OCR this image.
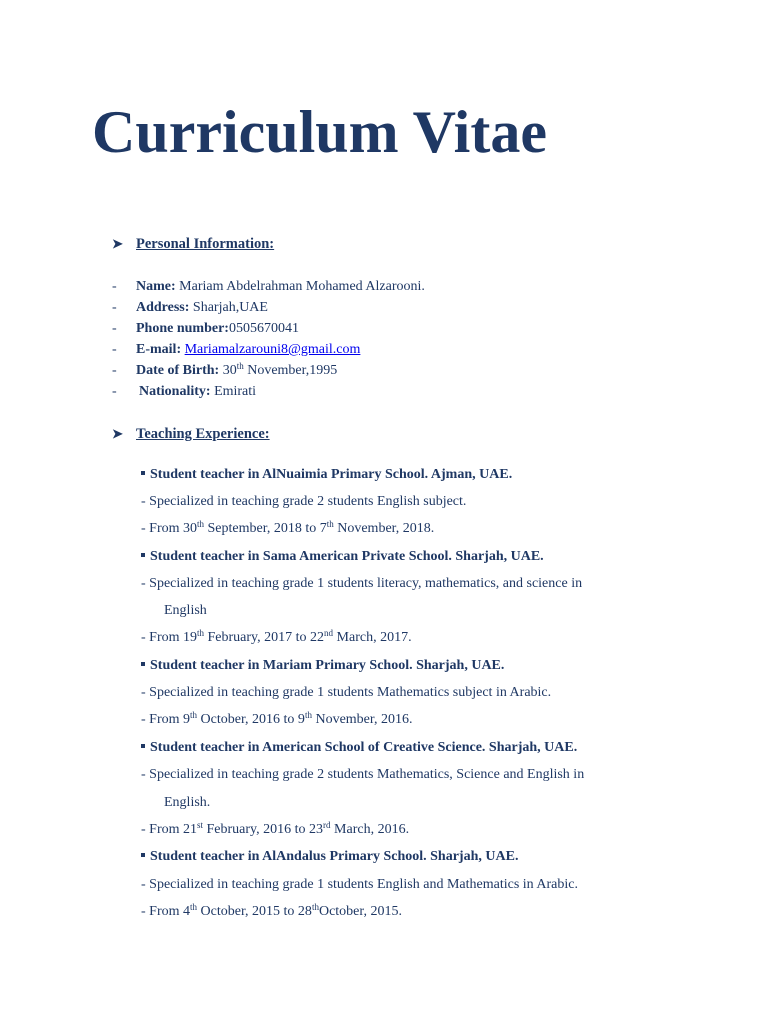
Curriculum Vitae
➤ Personal Information:
- Name: Mariam Abdelrahman Mohamed Alzarooni.
- Address: Sharjah,UAE
- Phone number:0505670041
- E-mail: Mariamalzarouni8@gmail.com
- Date of Birth: 30th November,1995
- Nationality: Emirati
➤ Teaching Experience:
Student teacher in AlNuaimia Primary School. Ajman, UAE.
- Specialized in teaching grade 2 students English subject.
- From 30th September, 2018 to 7th November, 2018.
Student teacher in Sama American Private School. Sharjah, UAE.
- Specialized in teaching grade 1 students literacy, mathematics, and science in
English
- From 19th February, 2017 to 22nd March, 2017.
Student teacher in Mariam Primary School. Sharjah, UAE.
- Specialized in teaching grade 1 students Mathematics subject in Arabic.
- From 9th October, 2016 to 9th November, 2016.
Student teacher in American School of Creative Science. Sharjah, UAE.
- Specialized in teaching grade 2 students Mathematics, Science and English in
English.
- From 21st February, 2016 to 23rd March, 2016.
Student teacher in AlAndalus Primary School. Sharjah, UAE.
- Specialized in teaching grade 1 students English and Mathematics in Arabic.
- From 4th October, 2015 to 28thOctober, 2015.
